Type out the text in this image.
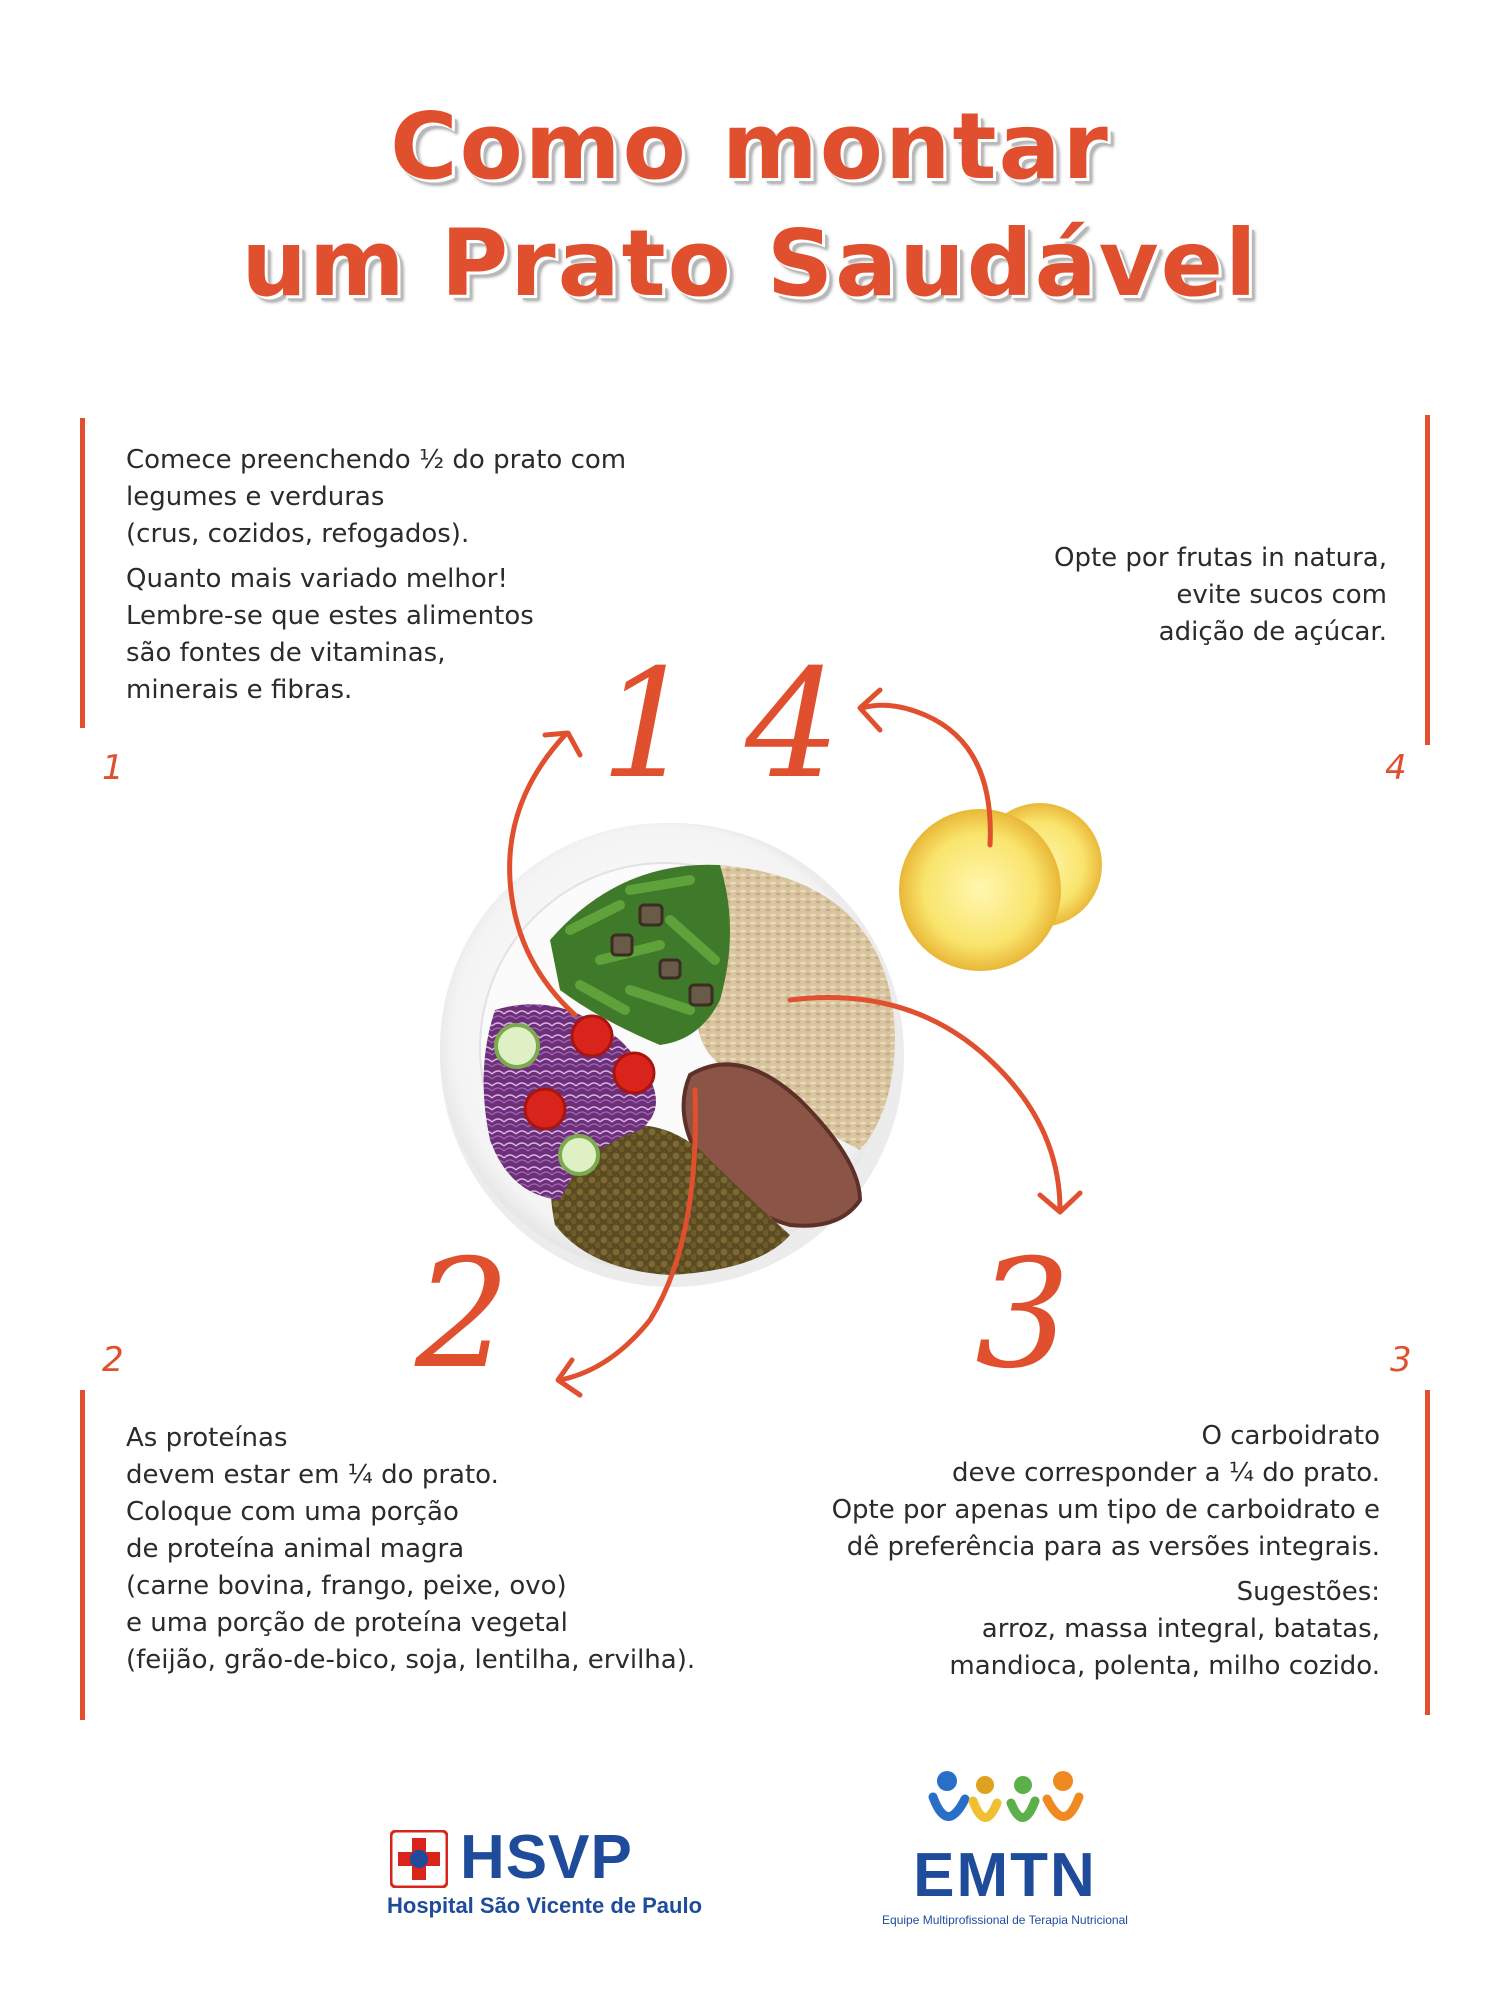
Como montar
um Prato Saudável
1	4
2	3
Comece preenchendo ½ do prato com
legumes e verduras
(crus, cozidos, refogados).
Quanto mais variado melhor!
Lembre-se que estes alimentos
são fontes de vitaminas,
minerais e fibras.
Opte por frutas in natura,
evite sucos com
adição de açúcar.
As proteínas
devem estar em ¼ do prato.
Coloque com uma porção
de proteína animal magra
(carne bovina, frango, peixe, ovo)
e uma porção de proteína vegetal
(feijão, grão-de-bico, soja, lentilha, ervilha).
O carboidrato
deve corresponder a ¼ do prato.
Opte por apenas um tipo de carboidrato e
dê preferência para as versões integrais.
Sugestões:
arroz, massa integral, batatas,
mandioca, polenta, milho cozido.
1 4
2	3
HSVP
Hospital São Vicente de Paulo	EMTN
Equipe Multiprofissional de Terapia Nutricional
